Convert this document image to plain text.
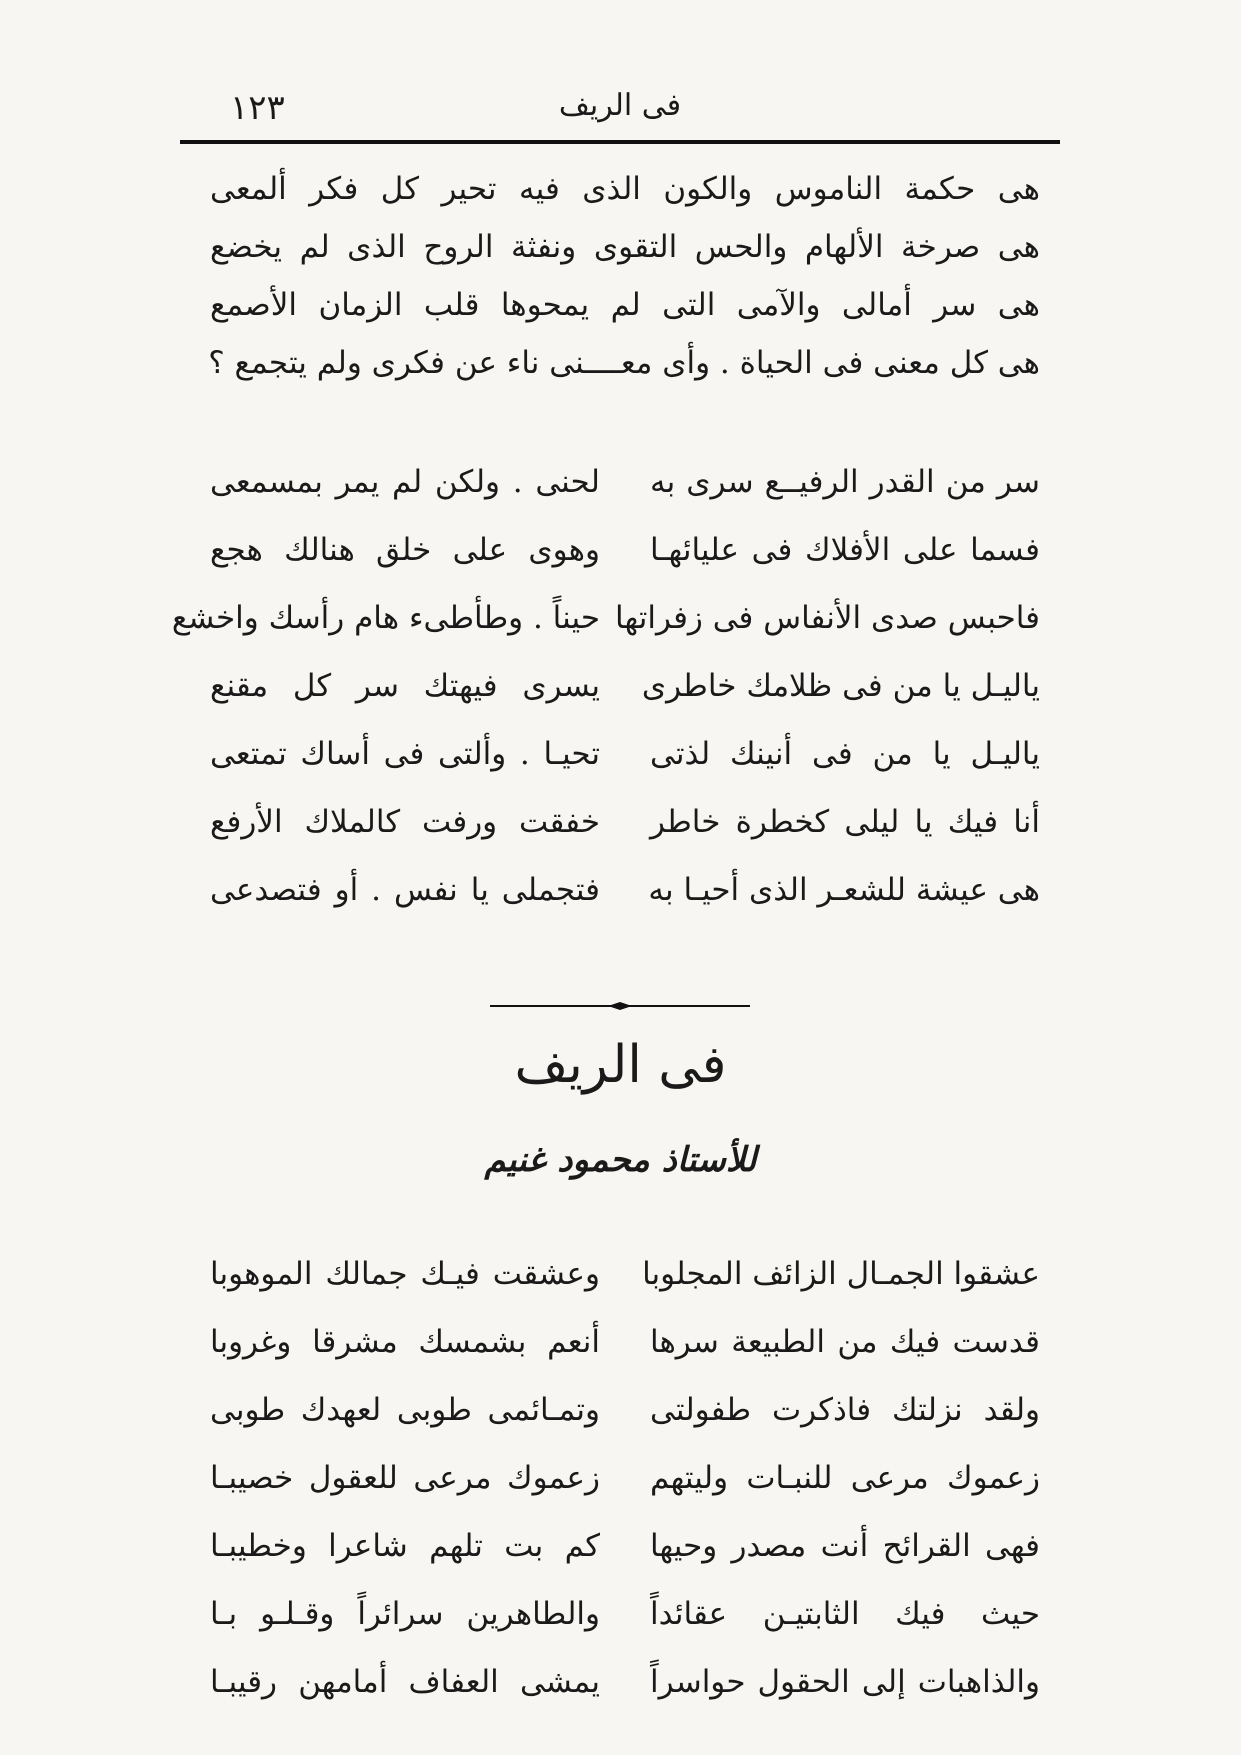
١٢٣	فى الريف
هى حكمة الناموس والكون الذى فيه تحير كل فكر ألمعى
هى صرخة الألهام والحس التقوى ونفثة الروح الذى لم يخضع
هى سر أمالى والآمى التى لم يمحوها قلب الزمان الأصمع
هى كل معنى فى الحياة . وأى معــــنى ناء عن فكرى ولم يتجمع ؟
سر من القدر الرفيــع سرى به
لحنى . ولكن لم يمر بمسمعى
فسما على الأفلاك فى عليائهـا
وهوى على خلق هنالك هجع
فاحبس صدى الأنفاس فى زفراتها
حيناً . وطأطىء هام رأسك واخشع
ياليـل يا من فى ظلامك خاطرى
يسرى فيهتك سر كل مقنع
ياليـل يا من فى أنينك لذتى
تحيـا . وألتى فى أساك تمتعى
أنا فيك يا ليلى كخطرة خاطر
خفقت ورفت كالملاك الأرفع
هى عيشة للشعـر الذى أحيـا به
فتجملى يا نفس . أو فتصدعى
فى الريف
للأستاذ محمود غنيم
عشقوا الجمـال الزائف المجلوبا
وعشقت فيـك جمالك الموهوبا
قدست فيك من الطبيعة سرها
أنعم بشمسك مشرقا وغروبا
ولقد نزلتك فاذكرت طفولتى
وتمـائمى طوبى لعهدك طوبى
زعموك مرعى للنبـات وليتهم
زعموك مرعى للعقول خصيبـا
فهى القرائح أنت مصدر وحيها
كم بت تلهم شاعرا وخطيبـا
حيث فيك الثابتيـن عقائداً
والطاهرين سرائراً وقـلـو بـا
والذاهبات إلى الحقول حواسراً
يمشى العفاف أمامهن رقيبـا
